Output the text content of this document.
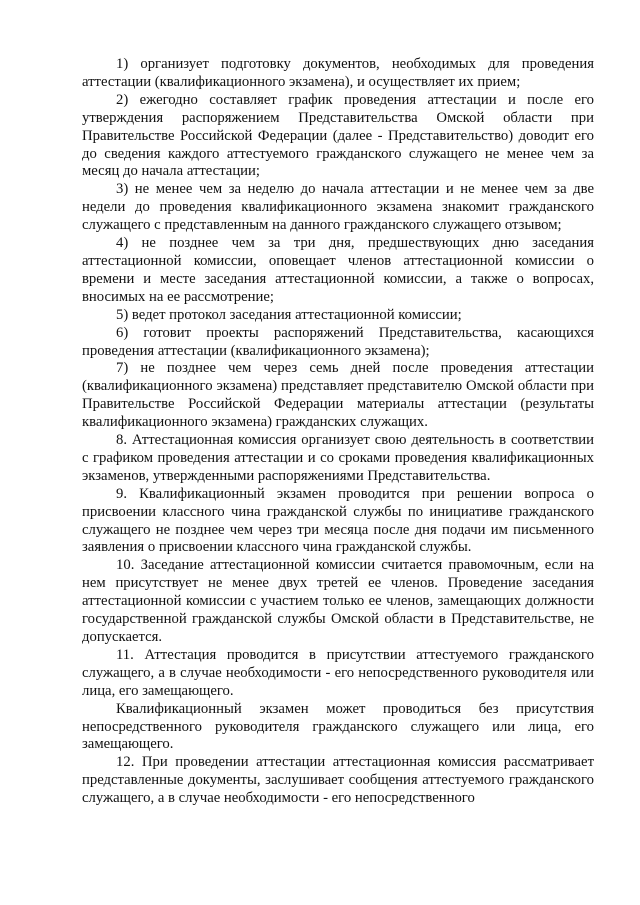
1) организует подготовку документов, необходимых для проведения аттестации (квалификационного экзамена), и осуществляет их прием;

2) ежегодно составляет график проведения аттестации и после его утверждения распоряжением Представительства Омской области при Правительстве Российской Федерации (далее - Представительство) доводит его до сведения каждого аттестуемого гражданского служащего не менее чем за месяц до начала аттестации;

3) не менее чем за неделю до начала аттестации и не менее чем за две недели до проведения квалификационного экзамена знакомит гражданского служащего с представленным на данного гражданского служащего отзывом;

4) не позднее чем за три дня, предшествующих дню заседания аттестационной комиссии, оповещает членов аттестационной комиссии о времени и месте заседания аттестационной комиссии, а также о вопросах, вносимых на ее рассмотрение;

5) ведет протокол заседания аттестационной комиссии;

6) готовит проекты распоряжений Представительства, касающихся проведения аттестации (квалификационного экзамена);

7) не позднее чем через семь дней после проведения аттестации (квалификационного экзамена) представляет представителю Омской области при Правительстве Российской Федерации материалы аттестации (результаты квалификационного экзамена) гражданских служащих.

8. Аттестационная комиссия организует свою деятельность в соответствии с графиком проведения аттестации и со сроками проведения квалификационных экзаменов, утвержденными распоряжениями Представительства.

9. Квалификационный экзамен проводится при решении вопроса о присвоении классного чина гражданской службы по инициативе гражданского служащего не позднее чем через три месяца после дня подачи им письменного заявления о присвоении классного чина гражданской службы.

10. Заседание аттестационной комиссии считается правомочным, если на нем присутствует не менее двух третей ее членов. Проведение заседания аттестационной комиссии с участием только ее членов, замещающих должности государственной гражданской службы Омской области в Представительстве, не допускается.

11. Аттестация проводится в присутствии аттестуемого гражданского служащего, а в случае необходимости - его непосредственного руководителя или лица, его замещающего.

Квалификационный экзамен может проводиться без присутствия непосредственного руководителя гражданского служащего или лица, его замещающего.

12. При проведении аттестации аттестационная комиссия рассматривает представленные документы, заслушивает сообщения аттестуемого гражданского служащего, а в случае необходимости - его непосредственного
